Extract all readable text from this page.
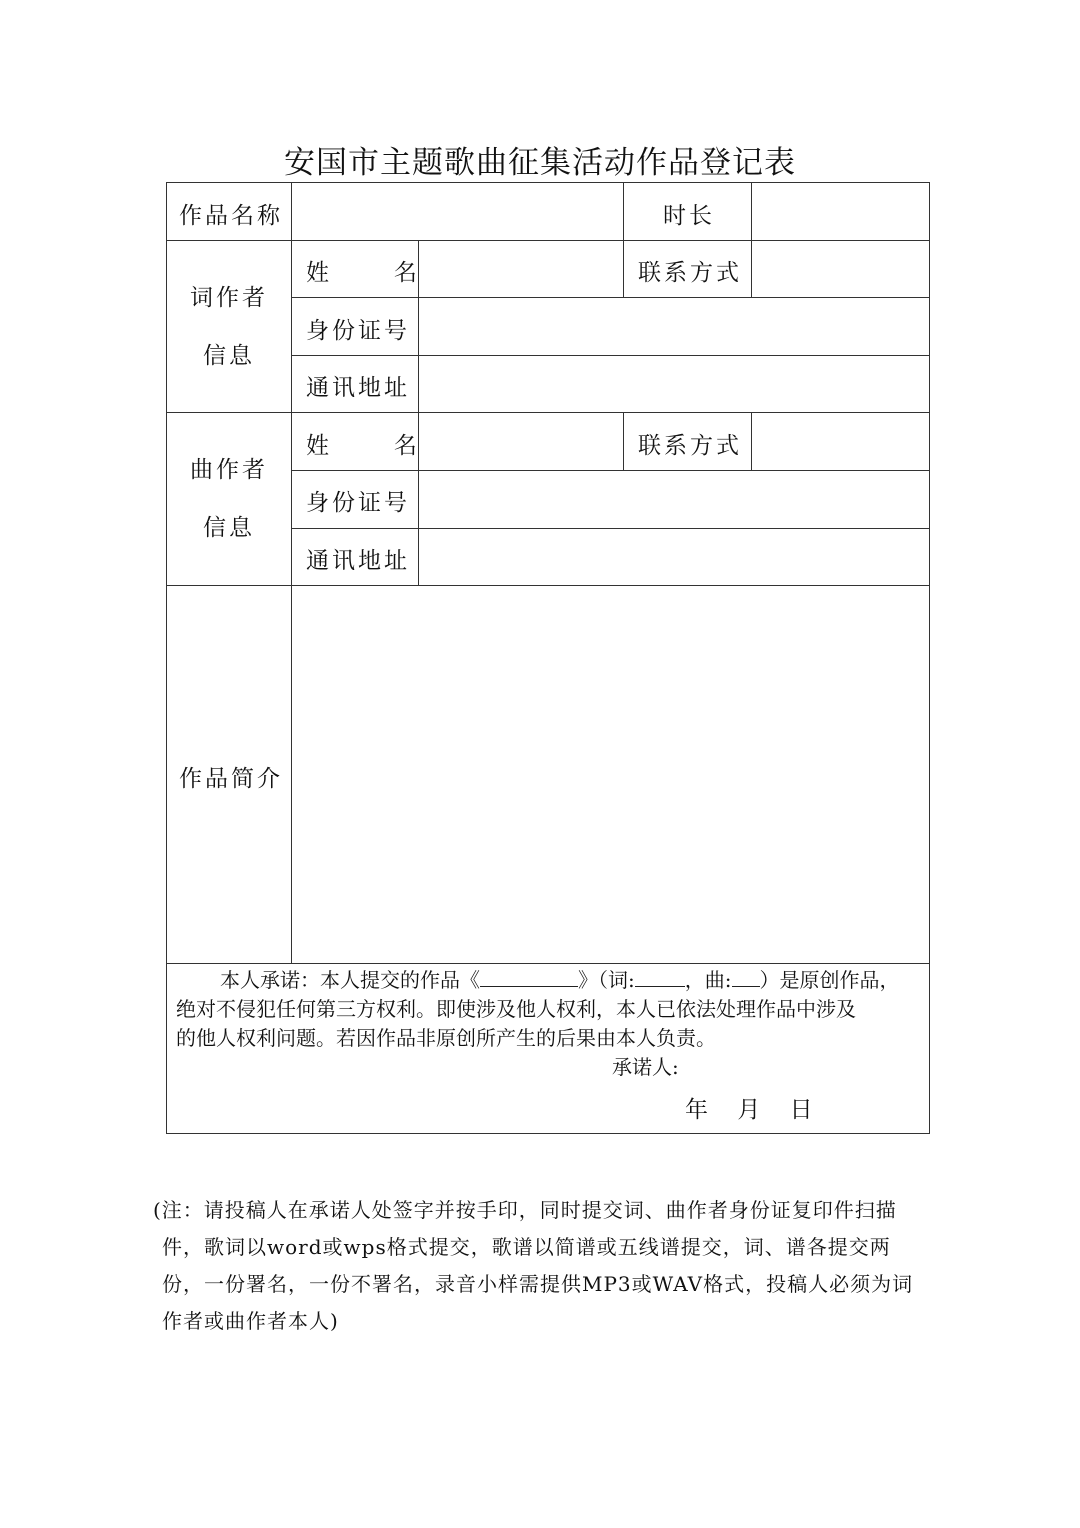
安国市主题歌曲征集活动作品登记表
作品名称	时长
词作者
信息
姓      名	联系方式
身份证号
通讯地址
曲作者
信息
姓      名	联系方式
身份证号
通讯地址
作品简介

本人承诺：本人提交的作品《	》（词:	，曲: ）是原创作品，

绝对不侵犯任何第三方权利。即使涉及他人权利，本人已依法处理作品中涉及

的他人权利问题。若因作品非原创所产生的后果由本人负责。

承诺人:
年 月 日

(注：请投稿人在承诺人处签字并按手印，同时提交词、曲作者身份证复印件扫描

件，歌词以word或wps格式提交，歌谱以简谱或五线谱提交，词、谱各提交两

份，一份署名，一份不署名，录音小样需提供MP3或WAV格式，投稿人必须为词

作者或曲作者本人)
